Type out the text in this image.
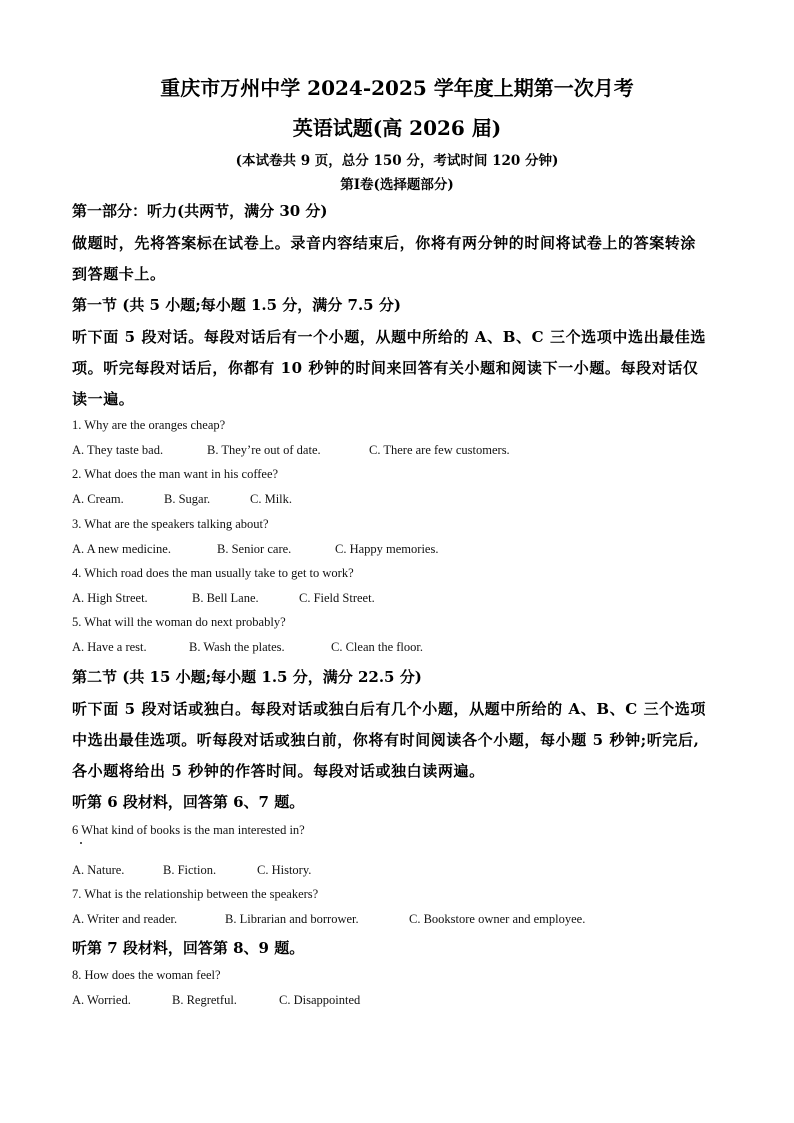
重庆市万州中学 2024-2025 学年度上期第一次月考
英语试题(高 2026 届)
(本试卷共 9 页，总分 150 分，考试时间 120 分钟)
第Ⅰ卷(选择题部分)
第一部分：听力(共两节，满分 30 分)
做题时，先将答案标在试卷上。录音内容结束后，你将有两分钟的时间将试卷上的答案转涂
到答题卡上。
第一节 (共 5 小题;每小题 1.5 分，满分 7.5 分)
听下面 5 段对话。每段对话后有一个小题，从题中所给的 A、B、C 三个选项中选出最佳选
项。听完每段对话后，你都有 10 秒钟的时间来回答有关小题和阅读下一小题。每段对话仅
读一遍。
1. Why are the oranges cheap?
A. They taste bad.	B. They’re out of date.	C. There are few customers.
2. What does the man want in his coffee?
A. Cream.	B. Sugar.	C. Milk.
3. What are the speakers talking about?
A. A new medicine.	B. Senior care.	C. Happy memories.
4. Which road does the man usually take to get to work?
A. High Street.	B. Bell Lane.	C. Field Street.
5. What will the woman do next probably?
A. Have a rest.	B. Wash the plates.	C. Clean the floor.
第二节 (共 15 小题;每小题 1.5 分，满分 22.5 分)
听下面 5 段对话或独白。每段对话或独白后有几个小题，从题中所给的 A、B、C 三个选项
中选出最佳选项。听每段对话或独白前，你将有时间阅读各个小题，每小题 5 秒钟;听完后,
各小题将给出 5 秒钟的作答时间。每段对话或独白读两遍。
听第 6 段材料，回答第 6、7 题。
6 What kind of books is the man interested in?
A. Nature.	B. Fiction.	C. History.
7. What is the relationship between the speakers?
A. Writer and reader.	B. Librarian and borrower.	C. Bookstore owner and employee.
听第 7 段材料，回答第 8、9 题。
8. How does the woman feel?
A. Worried.	B. Regretful.	C. Disappointed
